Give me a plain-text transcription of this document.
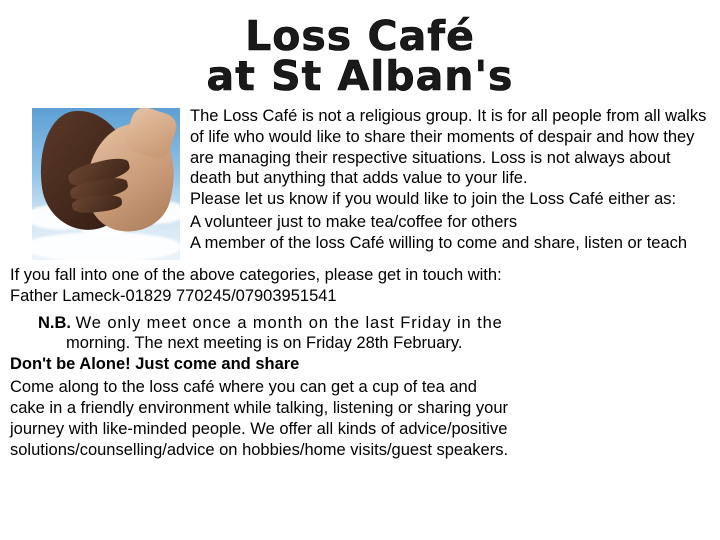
Loss Café
at St Alban's

The Loss Café is not a religious group. It is for all people from all walks of life who would like to share their moments of despair and how they are managing their respective situations. Loss is not always about death but anything that adds value to your life.

Please let us know if you would like to join the Loss Café either as:

a. A volunteer just to make tea/coffee for others
b. A member of the loss Café willing to come and share, listen or teach

If you fall into one of the above categories, please get in touch with:

Father Lameck-01829 770245/07903951541

N.B. We only meet once a month on the last Friday in the
morning. The next meeting is on Friday 28th February.

Don't be Alone! Just come and share

Come along to the loss café where you can get a cup of tea and

cake in a friendly environment while talking, listening or sharing your

journey with like-minded people. We offer all kinds of advice/positive

solutions/counselling/advice on hobbies/home visits/guest speakers.
